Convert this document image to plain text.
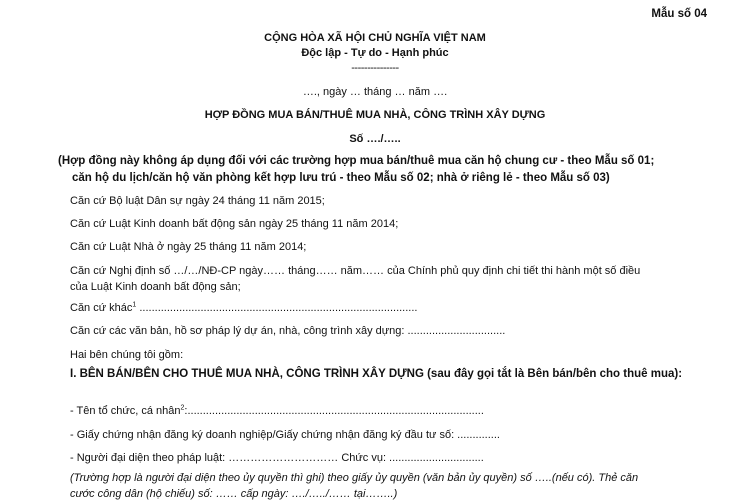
Mẫu số 04
CỘNG HÒA XÃ HỘI CHỦ NGHĨA VIỆT NAM
Độc lập - Tự do - Hạnh phúc
---------------
…., ngày … tháng … năm ….
HỢP ĐỒNG MUA BÁN/THUÊ MUA NHÀ, CÔNG TRÌNH XÂY DỰNG
Số …./…..
(Hợp đồng này không áp dụng đối với các trường hợp mua bán/thuê mua căn hộ chung cư - theo Mẫu số 01;
căn hộ du lịch/căn hộ văn phòng kết hợp lưu trú - theo Mẫu số 02; nhà ở riêng lẻ - theo Mẫu số 03)
Căn cứ Bộ luật Dân sự ngày 24 tháng 11 năm 2015;
Căn cứ Luật Kinh doanh bất động sản ngày 25 tháng 11 năm 2014;
Căn cứ Luật Nhà ở ngày 25 tháng 11 năm 2014;
Căn cứ Nghị định số …/…/NĐ-CP ngày…… tháng…… năm…… của Chính phủ quy định chi tiết thi hành một số điều
của Luật Kinh doanh bất động sản;
Căn cứ khác$^1$ ...........................................................................................
Căn cứ các văn bản, hồ sơ pháp lý dự án, nhà, công trình xây dựng: ................................
Hai bên chúng tôi gồm:
I. BÊN BÁN/BÊN CHO THUÊ MUA NHÀ, CÔNG TRÌNH XÂY DỰNG (sau đây gọi tắt là Bên bán/bên cho thuê mua):
- Tên tổ chức, cá nhân$^2$:.................................................................................................
- Giấy chứng nhận đăng ký doanh nghiệp/Giấy chứng nhận đăng ký đầu tư số: ..............
- Người đại diện theo pháp luật: ………………………… Chức vụ: ...............................
(Trường hợp là người đại diện theo ủy quyền thì ghi) theo giấy ủy quyền (văn bản ủy quyền) số …..(nếu có). Thẻ căn
cước công dân (hộ chiếu) số: …… cấp ngày: …./…../…… tại……..)
